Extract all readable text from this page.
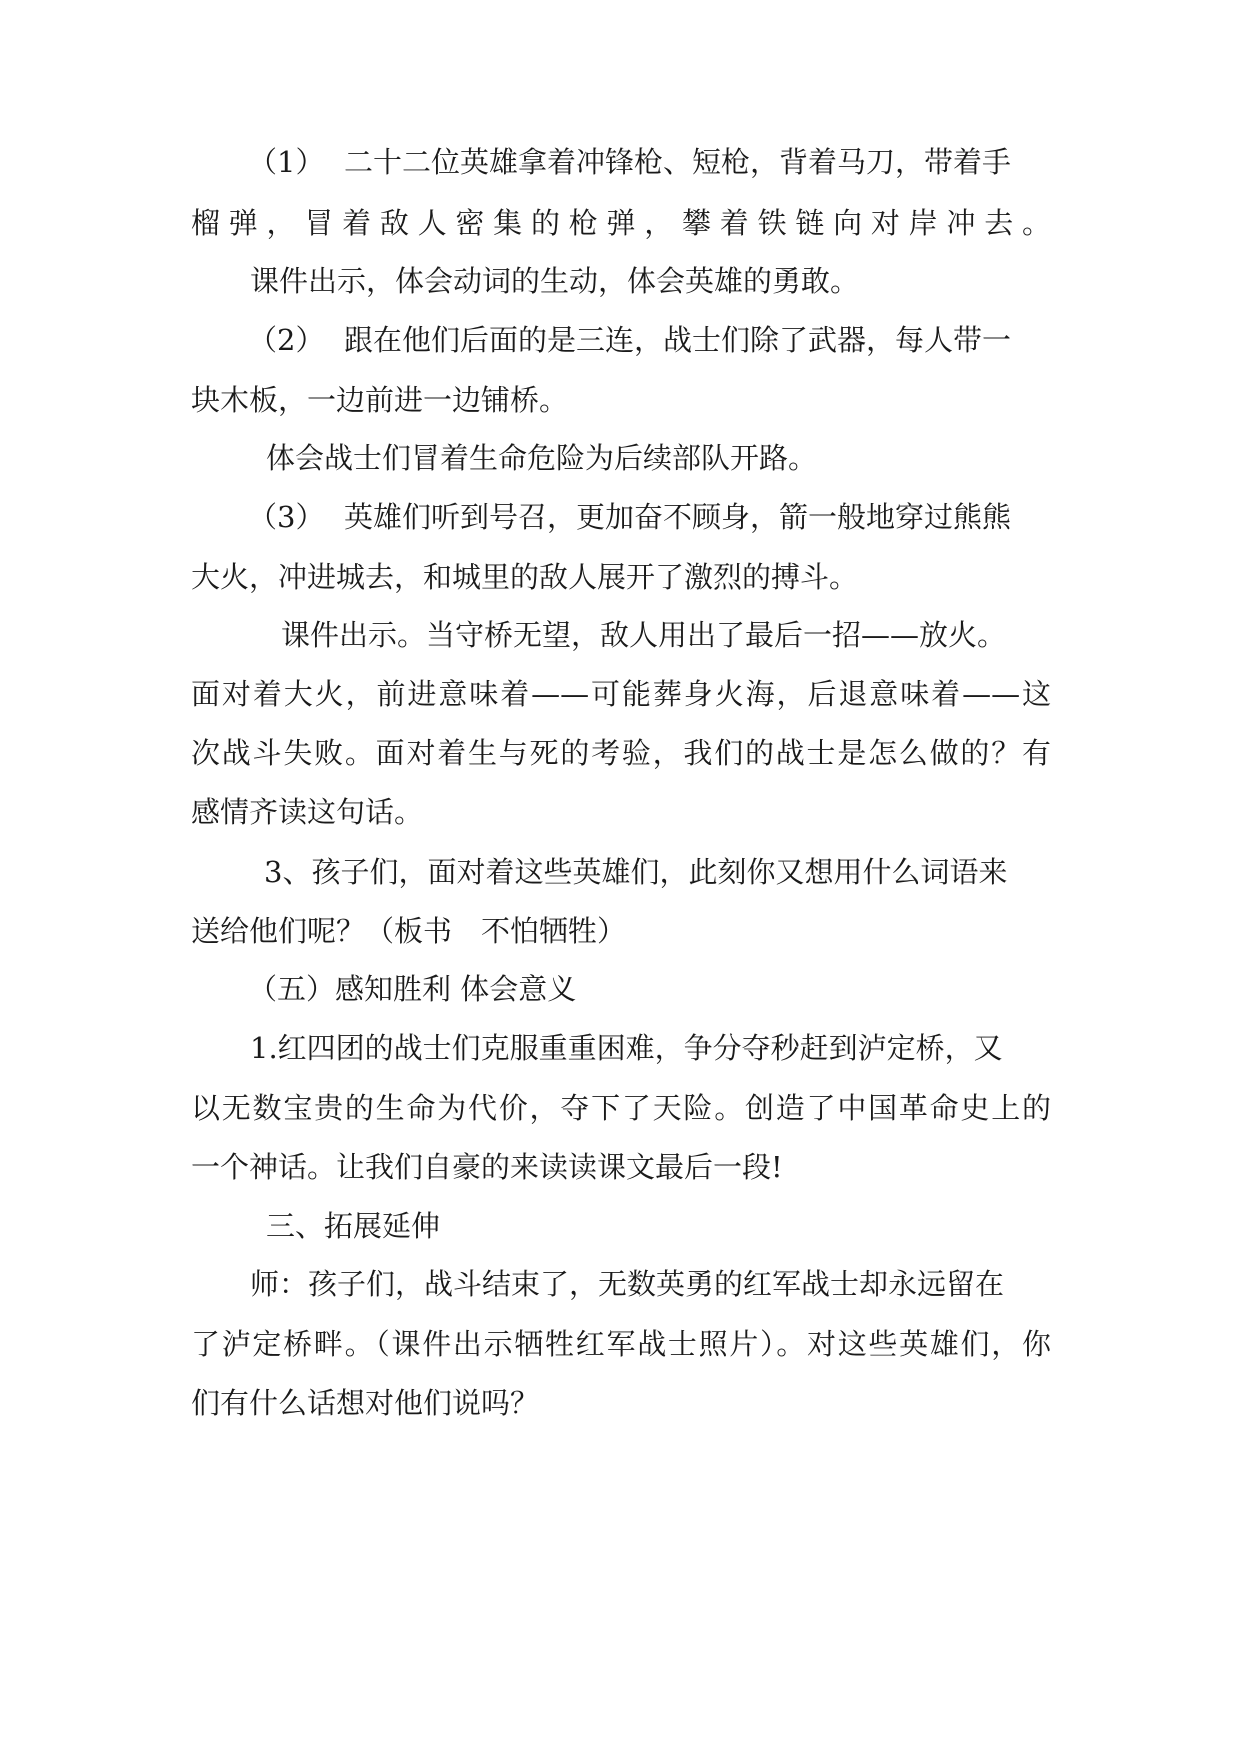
（1） 二十二位英雄拿着冲锋枪、短枪，背着马刀，带着手
榴弹，冒着敌人密集的枪弹，攀着铁链向对岸冲去。
课件出示，体会动词的生动，体会英雄的勇敢。
（2） 跟在他们后面的是三连，战士们除了武器，每人带一
块木板，一边前进一边铺桥。
体会战士们冒着生命危险为后续部队开路。
（3） 英雄们听到号召，更加奋不顾身，箭一般地穿过熊熊
大火，冲进城去，和城里的敌人展开了激烈的搏斗。
课件出示。当守桥无望，敌人用出了最后一招——放火。
面对着大火，前进意味着——可能葬身火海，后退意味着——这
次战斗失败。面对着生与死的考验，我们的战士是怎么做的？有
感情齐读这句话。
3、孩子们，面对着这些英雄们，此刻你又想用什么词语来
送给他们呢？（板书　不怕牺牲）
（五）感知胜利 体会意义
1.红四团的战士们克服重重困难，争分夺秒赶到泸定桥，又
以无数宝贵的生命为代价，夺下了天险。创造了中国革命史上的
一个神话。让我们自豪的来读读课文最后一段!
三、拓展延伸
师：孩子们，战斗结束了，无数英勇的红军战士却永远留在
了泸定桥畔。（课件出示牺牲红军战士照片）。对这些英雄们，你
们有什么话想对他们说吗？
